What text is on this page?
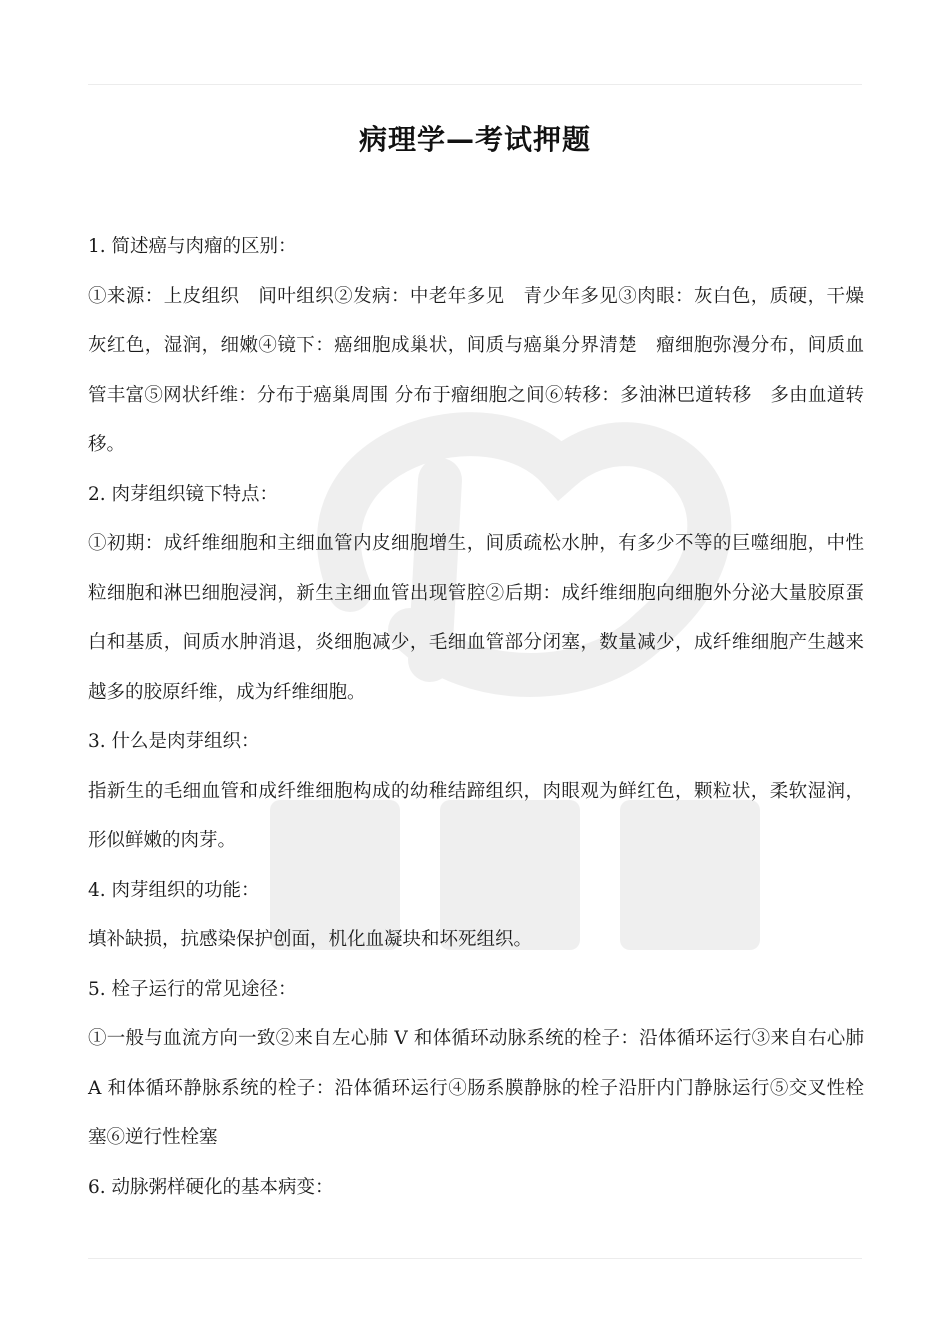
病理学—考试押题

1. 简述癌与肉瘤的区别：

①来源：上皮组织　间叶组织②发病：中老年多见　青少年多见③肉眼：灰白色，质硬，干燥　灰红色，湿润，细嫩④镜下：癌细胞成巢状，间质与癌巢分界清楚　瘤细胞弥漫分布，间质血管丰富⑤网状纤维：分布于癌巢周围 分布于瘤细胞之间⑥转移：多油淋巴道转移　多由血道转移。

2. 肉芽组织镜下特点：

①初期：成纤维细胞和主细血管内皮细胞增生，间质疏松水肿，有多少不等的巨噬细胞，中性粒细胞和淋巴细胞浸润，新生主细血管出现管腔②后期：成纤维细胞向细胞外分泌大量胶原蛋白和基质，间质水肿消退，炎细胞减少，毛细血管部分闭塞，数量减少，成纤维细胞产生越来越多的胶原纤维，成为纤维细胞。

3. 什么是肉芽组织：

指新生的毛细血管和成纤维细胞构成的幼稚结蹄组织，肉眼观为鲜红色，颗粒状，柔软湿润，形似鲜嫩的肉芽。

4. 肉芽组织的功能：

填补缺损，抗感染保护创面，机化血凝块和坏死组织。

5. 栓子运行的常见途径：

①一般与血流方向一致②来自左心肺 V 和体循环动脉系统的栓子：沿体循环运行③来自右心肺 A 和体循环静脉系统的栓子：沿体循环运行④肠系膜静脉的栓子沿肝内门静脉运行⑤交叉性栓塞⑥逆行性栓塞

6. 动脉粥样硬化的基本病变：
